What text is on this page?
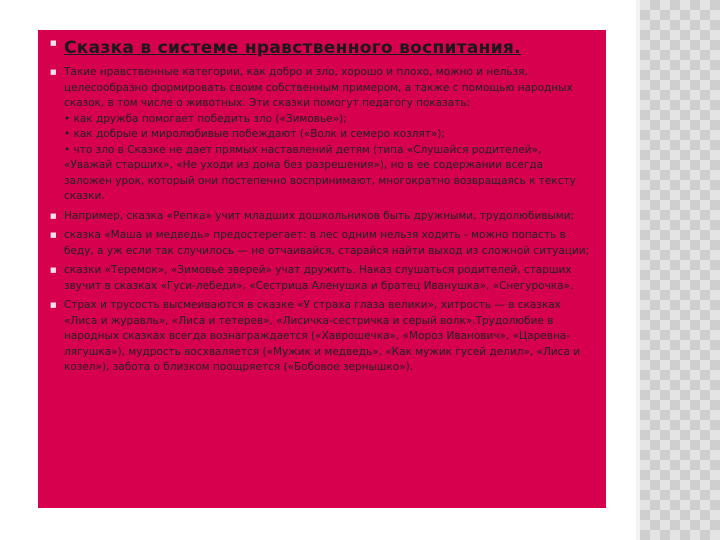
■ Сказка в системе нравственного воспитания.
■ Такие нравственные категории, как добро и зло, хорошо и плохо, можно и нельзя, целесообразно формировать своим собственным примером, а также с помощью народных сказок, в том числе о животных. Эти сказки помогут педагогу показать:
• как дружба помогает победить зло («Зимовье»);
• как добрые и миролюбивые побеждают («Волк и семеро козлят»);
• что зло в Сказке не дает прямых наставлений детям (типа «Слушайся родителей», «Уважай старших», «Не уходи из дома без разрешения»), но в ее содержании всегда заложен урок, который они постепенно воспринимают, многократно возвращаясь к тексту сказки.
■ Например, сказка «Репка» учит младших дошкольников быть дружными, трудолюбивыми;
■ сказка «Маша и медведь» предостерегает: в лес одним нельзя ходить - можно попасть в беду, а уж если так случилось — не отчаивайся, старайся найти выход из сложной ситуации;
■ сказки «Теремок», «Зимовье зверей» учат дружить. Наказ слушаться родителей, старших звучит в сказках «Гуси-лебеди», «Сестрица Аленушка и братец Иванушка», «Снегурочка».
■ Страх и трусость высмеиваются в сказке «У страха глаза велики», хитрость — в сказках «Лиса и журавль», «Лиса и тетерев», «Лисичка-сестричка и серый волк».Трудолюбие в народных сказках всегда вознаграждается («Хаврошечка», «Мороз Иванович», «Царевна-лягушка»), мудрость восхваляется («Мужик и медведь», «Как мужик гусей делил», «Лиса и козел»), забота о близком поощряется («Бобовое зернышко»).
